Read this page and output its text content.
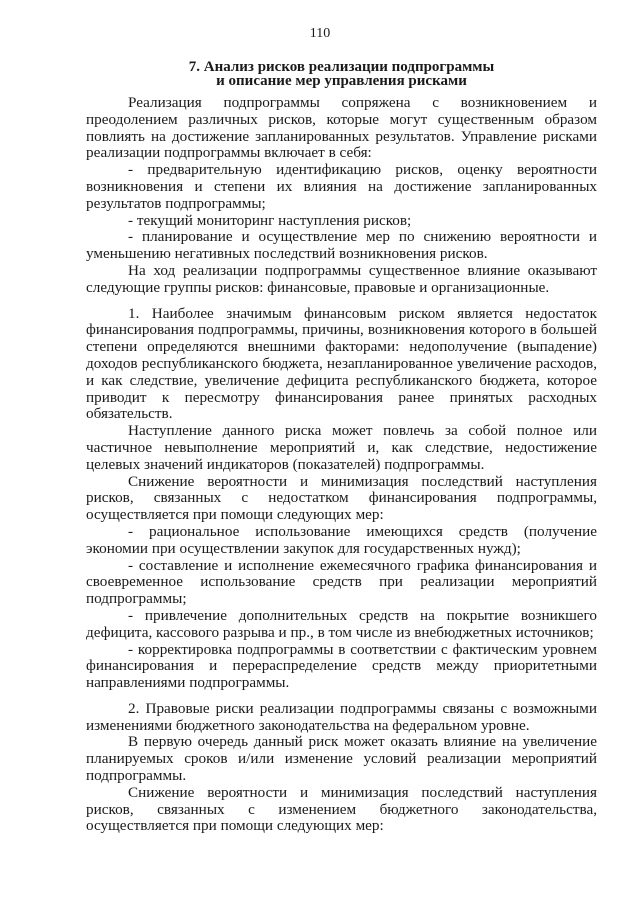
110
7. Анализ рисков реализации подпрограммы
и описание мер управления рисками

Реализация подпрограммы сопряжена с возникновением и преодолением различных рисков, которые могут существенным образом повлиять на достижение запланированных результатов. Управление рисками реализации подпрограммы включает в себя:

- предварительную идентификацию рисков, оценку вероятности возникновения и степени их влияния на достижение запланированных результатов подпрограммы;

- текущий мониторинг наступления рисков;

- планирование и осуществление мер по снижению вероятности и уменьшению негативных последствий возникновения рисков.

На ход реализации подпрограммы существенное влияние оказывают следующие группы рисков: финансовые, правовые и организационные.

1. Наиболее значимым финансовым риском является недостаток финансирования подпрограммы, причины, возникновения которого в большей степени определяются внешними факторами: недополучение (выпадение) доходов республиканского бюджета, незапланированное увеличение расходов, и как следствие, увеличение дефицита республиканского бюджета, которое приводит к пересмотру финансирования ранее принятых расходных обязательств.

Наступление данного риска может повлечь за собой полное или частичное невыполнение мероприятий и, как следствие, недостижение целевых значений индикаторов (показателей) подпрограммы.

Снижение вероятности и минимизация последствий наступления рисков, связанных с недостатком финансирования подпрограммы, осуществляется при помощи следующих мер:

- рациональное использование имеющихся средств (получение экономии при осуществлении закупок для государственных нужд);

- составление и исполнение ежемесячного графика финансирования и своевременное использование средств при реализации мероприятий подпрограммы;

- привлечение дополнительных средств на покрытие возникшего дефицита, кассового разрыва и пр., в том числе из внебюджетных источников;

- корректировка подпрограммы в соответствии с фактическим уровнем финансирования и перераспределение средств между приоритетными направлениями подпрограммы.

2. Правовые риски реализации подпрограммы связаны с возможными изменениями бюджетного законодательства на федеральном уровне.

В первую очередь данный риск может оказать влияние на увеличение планируемых сроков и/или изменение условий реализации мероприятий подпрограммы.

Снижение вероятности и минимизация последствий наступления рисков, связанных с изменением бюджетного законодательства, осуществляется при помощи следующих мер:
